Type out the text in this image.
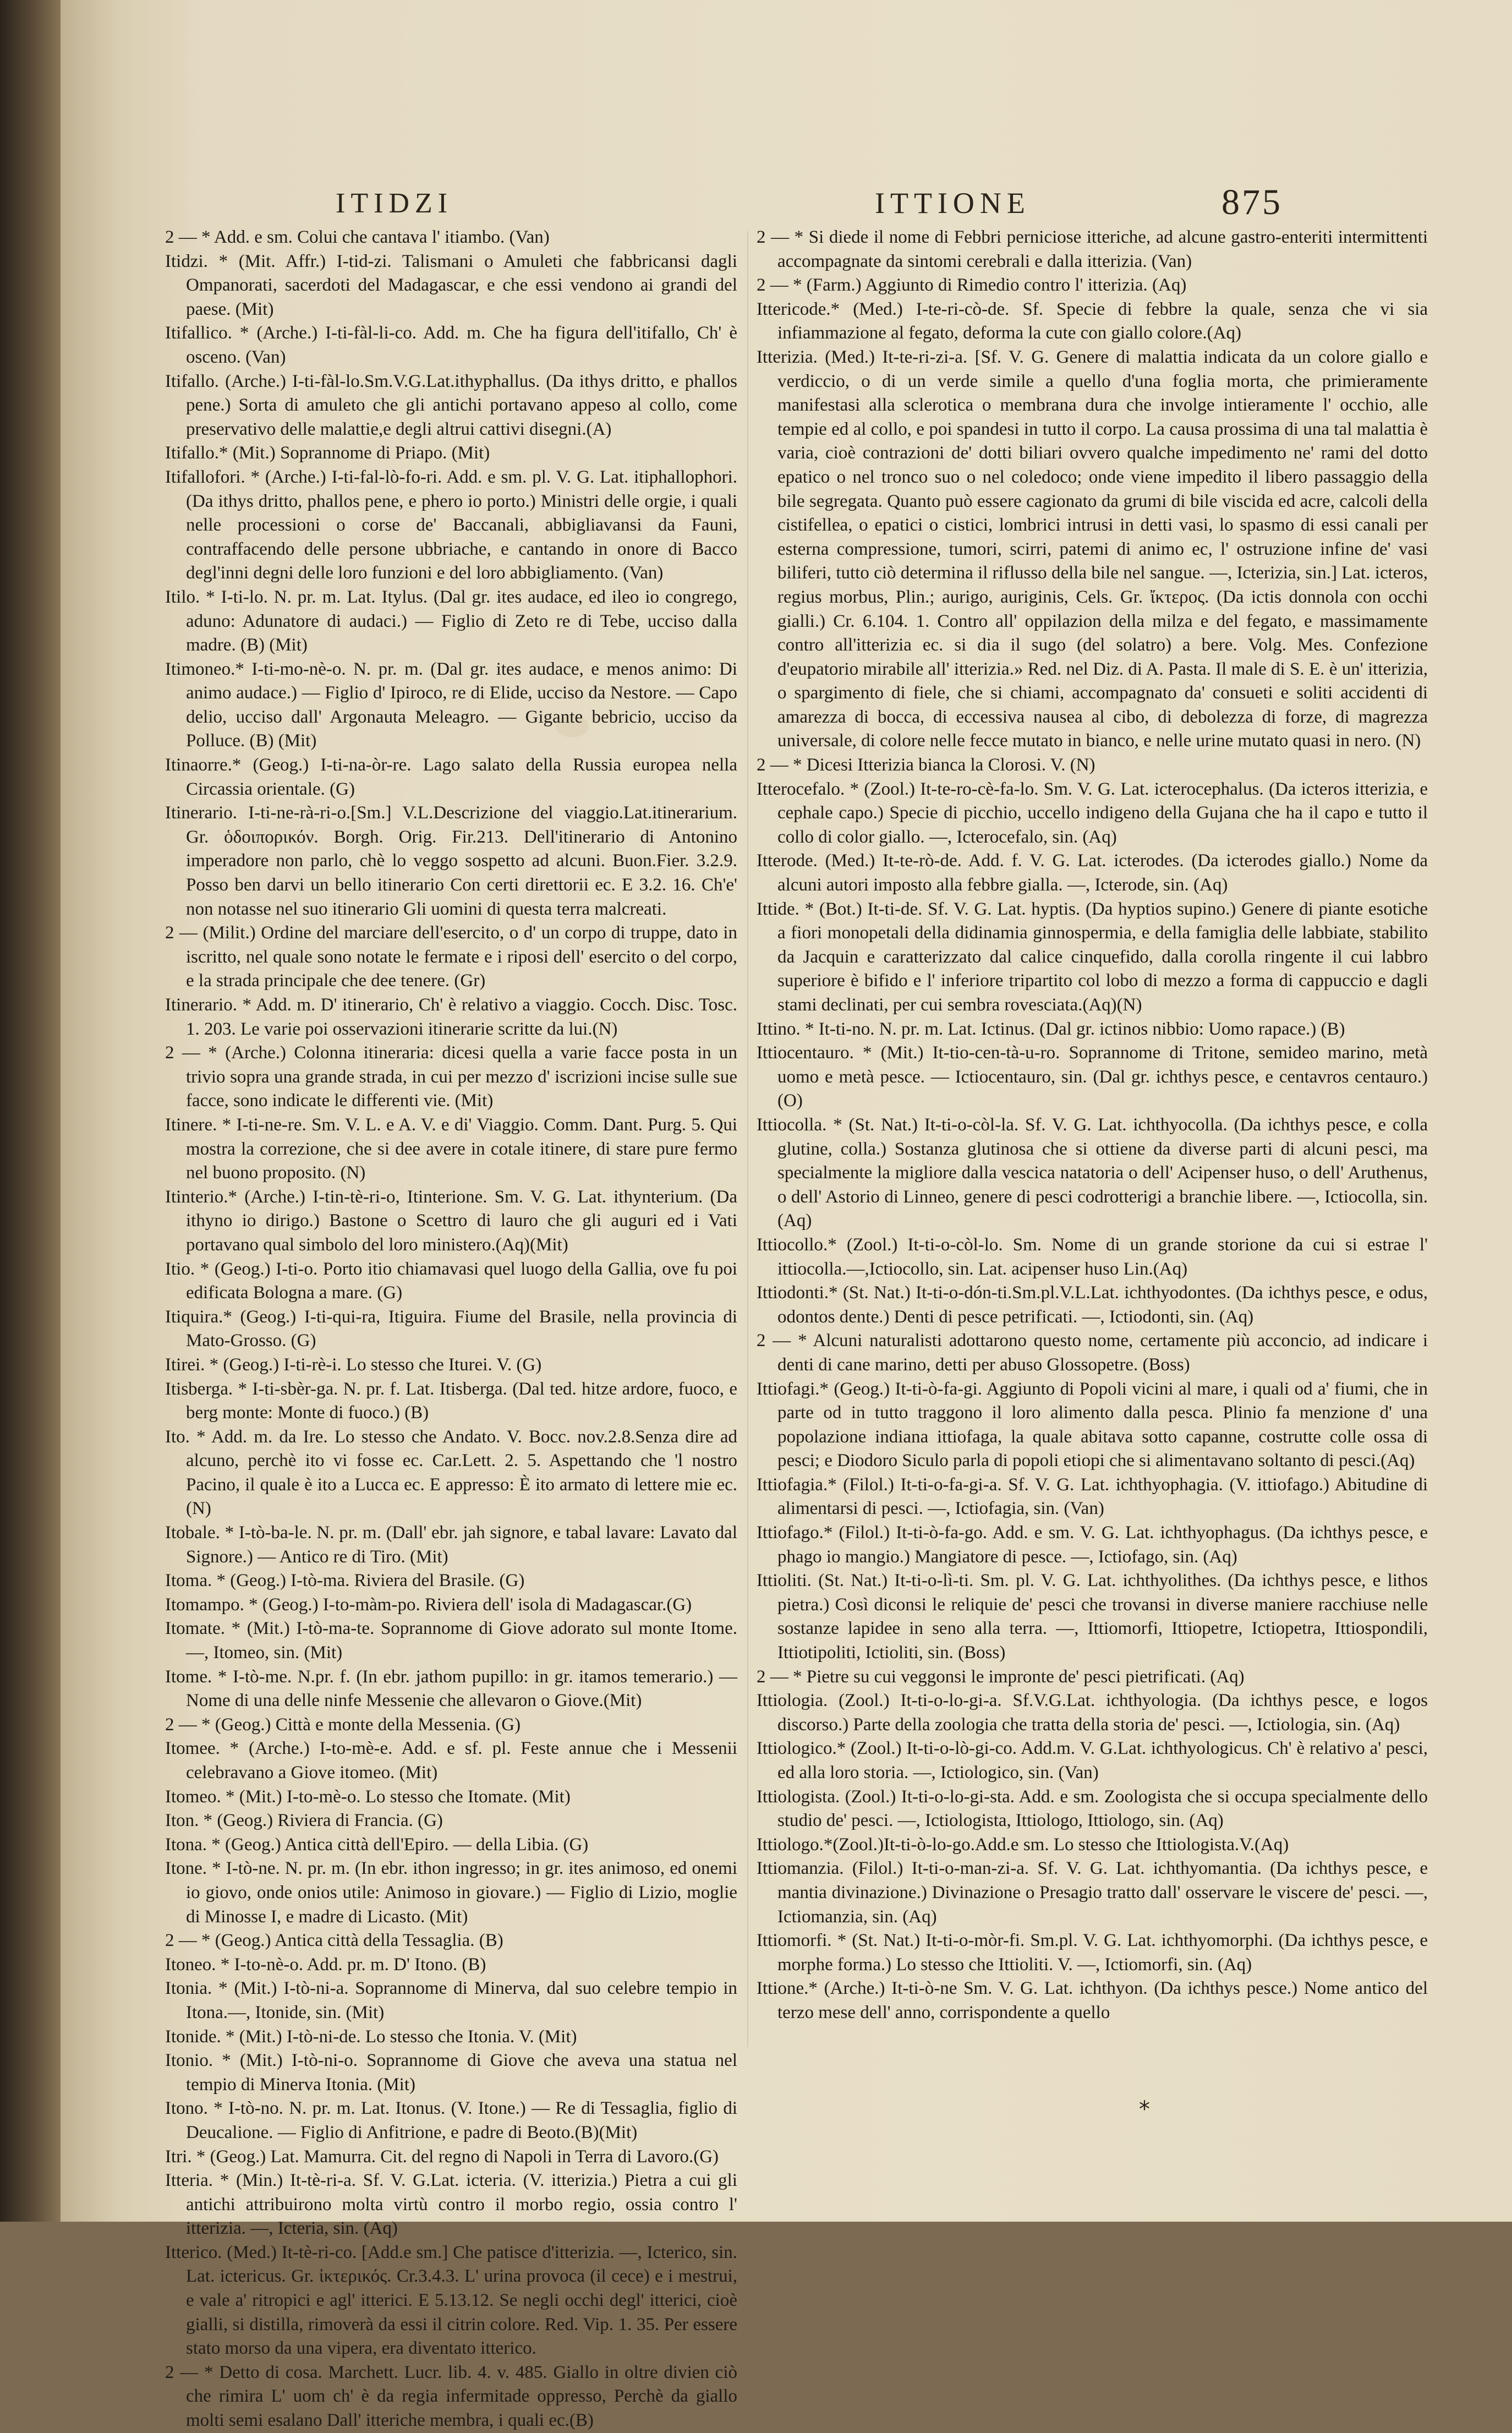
ITIDZI	ITTIONE	875
2 — * Add. e sm. Colui che cantava l' itiambo. (Van)
Itidzi. * (Mit. Affr.) I-tid-zi. Talismani o Amuleti che fabbricansi dagli Ompanorati, sacerdoti del Madagascar, e che essi vendono ai grandi del paese. (Mit)
Itifallico. * (Arche.) I-ti-fàl-li-co. Add. m. Che ha figura dell'itifallo, Ch' è osceno. (Van)
Itifallo. (Arche.) I-ti-fàl-lo.Sm.V.G.Lat.ithyphallus. (Da ithys dritto, e phallos pene.) Sorta di amuleto che gli antichi portavano appeso al collo, come preservativo delle malattie,e degli altrui cattivi disegni.(A)
Itifallo.* (Mit.) Soprannome di Priapo. (Mit)
Itifallofori. * (Arche.) I-ti-fal-lò-fo-ri. Add. e sm. pl. V. G. Lat. itiphallophori. (Da ithys dritto, phallos pene, e phero io porto.) Ministri delle orgie, i quali nelle processioni o corse de' Baccanali, abbigliavansi da Fauni, contraffacendo delle persone ubbriache, e cantando in onore di Bacco degl'inni degni delle loro funzioni e del loro abbigliamento. (Van)
Itilo. * I-ti-lo. N. pr. m. Lat. Itylus. (Dal gr. ites audace, ed ileo io congrego, aduno: Adunatore di audaci.) — Figlio di Zeto re di Tebe, ucciso dalla madre. (B) (Mit)
Itimoneo.* I-ti-mo-nè-o. N. pr. m. (Dal gr. ites audace, e menos animo: Di animo audace.) — Figlio d' Ipiroco, re di Elide, ucciso da Nestore. — Capo delio, ucciso dall' Argonauta Meleagro. — Gigante bebricio, ucciso da Polluce. (B) (Mit)
Itinaorre.* (Geog.) I-ti-na-òr-re. Lago salato della Russia europea nella Circassia orientale. (G)
Itinerario. I-ti-ne-rà-ri-o.[Sm.] V.L.Descrizione del viaggio.Lat.itinerarium. Gr. ὁδοιπορικόν. Borgh. Orig. Fir.213. Dell'itinerario di Antonino imperadore non parlo, chè lo veggo sospetto ad alcuni. Buon.Fier. 3.2.9. Posso ben darvi un bello itinerario Con certi direttorii ec. E 3.2. 16. Ch'e' non notasse nel suo itinerario Gli uomini di questa terra malcreati.
2 — (Milit.) Ordine del marciare dell'esercito, o d' un corpo di truppe, dato in iscritto, nel quale sono notate le fermate e i riposi dell' esercito o del corpo, e la strada principale che dee tenere. (Gr)
Itinerario. * Add. m. D' itinerario, Ch' è relativo a viaggio. Cocch. Disc. Tosc. 1. 203. Le varie poi osservazioni itinerarie scritte da lui.(N)
2 — * (Arche.) Colonna itineraria: dicesi quella a varie facce posta in un trivio sopra una grande strada, in cui per mezzo d' iscrizioni incise sulle sue facce, sono indicate le differenti vie. (Mit)
Itinere. * I-ti-ne-re. Sm. V. L. e A. V. e di' Viaggio. Comm. Dant. Purg. 5. Qui mostra la correzione, che si dee avere in cotale itinere, di stare pure fermo nel buono proposito. (N)
Itinterio.* (Arche.) I-tin-tè-ri-o, Itinterione. Sm. V. G. Lat. ithynterium. (Da ithyno io dirigo.) Bastone o Scettro di lauro che gli auguri ed i Vati portavano qual simbolo del loro ministero.(Aq)(Mit)
Itio. * (Geog.) I-ti-o. Porto itio chiamavasi quel luogo della Gallia, ove fu poi edificata Bologna a mare. (G)
Itiquira.* (Geog.) I-ti-qui-ra, Itiguira. Fiume del Brasile, nella provincia di Mato-Grosso. (G)
Itirei. * (Geog.) I-ti-rè-i. Lo stesso che Iturei. V. (G)
Itisberga. * I-ti-sbèr-ga. N. pr. f. Lat. Itisberga. (Dal ted. hitze ardore, fuoco, e berg monte: Monte di fuoco.) (B)
Ito. * Add. m. da Ire. Lo stesso che Andato. V. Bocc. nov.2.8.Senza dire ad alcuno, perchè ito vi fosse ec. Car.Lett. 2. 5. Aspettando che 'l nostro Pacino, il quale è ito a Lucca ec. E appresso: È ito armato di lettere mie ec. (N)
Itobale. * I-tò-ba-le. N. pr. m. (Dall' ebr. jah signore, e tabal lavare: Lavato dal Signore.) — Antico re di Tiro. (Mit)
Itoma. * (Geog.) I-tò-ma. Riviera del Brasile. (G)
Itomampo. * (Geog.) I-to-màm-po. Riviera dell' isola di Madagascar.(G)
Itomate. * (Mit.) I-tò-ma-te. Soprannome di Giove adorato sul monte Itome. —, Itomeo, sin. (Mit)
Itome. * I-tò-me. N.pr. f. (In ebr. jathom pupillo: in gr. itamos temerario.) — Nome di una delle ninfe Messenie che allevaron o Giove.(Mit)
2 — * (Geog.) Città e monte della Messenia. (G)
Itomee. * (Arche.) I-to-mè-e. Add. e sf. pl. Feste annue che i Messenii celebravano a Giove itomeo. (Mit)
Itomeo. * (Mit.) I-to-mè-o. Lo stesso che Itomate. (Mit)
Iton. * (Geog.) Riviera di Francia. (G)
Itona. * (Geog.) Antica città dell'Epiro. — della Libia. (G)
Itone. * I-tò-ne. N. pr. m. (In ebr. ithon ingresso; in gr. ites animoso, ed onemi io giovo, onde onios utile: Animoso in giovare.) — Figlio di Lizio, moglie di Minosse I, e madre di Licasto. (Mit)
2 — * (Geog.) Antica città della Tessaglia. (B)
Itoneo. * I-to-nè-o. Add. pr. m. D' Itono. (B)
Itonia. * (Mit.) I-tò-ni-a. Soprannome di Minerva, dal suo celebre tempio in Itona.—, Itonide, sin. (Mit)
Itonide. * (Mit.) I-tò-ni-de. Lo stesso che Itonia. V. (Mit)
Itonio. * (Mit.) I-tò-ni-o. Soprannome di Giove che aveva una statua nel tempio di Minerva Itonia. (Mit)
Itono. * I-tò-no. N. pr. m. Lat. Itonus. (V. Itone.) — Re di Tessaglia, figlio di Deucalione. — Figlio di Anfitrione, e padre di Beoto.(B)(Mit)
Itri. * (Geog.) Lat. Mamurra. Cit. del regno di Napoli in Terra di Lavoro.(G)
Itteria. * (Min.) It-tè-ri-a. Sf. V. G.Lat. icteria. (V. itterizia.) Pietra a cui gli antichi attribuirono molta virtù contro il morbo regio, ossia contro l' itterizia. —, Icteria, sin. (Aq)
Itterico. (Med.) It-tè-ri-co. [Add.e sm.] Che patisce d'itterizia. —, Icterico, sin. Lat. ictericus. Gr. ἰκτερικός. Cr.3.4.3. L' urina provoca (il cece) e i mestrui, e vale a' ritropici e agl' itterici. E 5.13.12. Se negli occhi degl' itterici, cioè gialli, si distilla, rimoverà da essi il citrin colore. Red. Vip. 1. 35. Per essere stato morso da una vipera, era diventato itterico.
2 — * Detto di cosa. Marchett. Lucr. lib. 4. v. 485. Giallo in oltre divien ciò che rimira L' uom ch' è da regia infermitade oppresso, Perchè da giallo molti semi esalano Dall' itteriche membra, i quali ec.(B)
2 — * Si diede il nome di Febbri perniciose itteriche, ad alcune gastro-enteriti intermittenti accompagnate da sintomi cerebrali e dalla itterizia. (Van)
2 — * (Farm.) Aggiunto di Rimedio contro l' itterizia. (Aq)
Ittericode.* (Med.) I-te-ri-cò-de. Sf. Specie di febbre la quale, senza che vi sia infiammazione al fegato, deforma la cute con giallo colore.(Aq)
Itterizia. (Med.) It-te-ri-zi-a. [Sf. V. G. Genere di malattia indicata da un colore giallo e verdiccio, o di un verde simile a quello d'una foglia morta, che primieramente manifestasi alla sclerotica o membrana dura che involge intieramente l' occhio, alle tempie ed al collo, e poi spandesi in tutto il corpo. La causa prossima di una tal malattia è varia, cioè contrazioni de' dotti biliari ovvero qualche impedimento ne' rami del dotto epatico o nel tronco suo o nel coledoco; onde viene impedito il libero passaggio della bile segregata. Quanto può essere cagionato da grumi di bile viscida ed acre, calcoli della cistifellea, o epatici o cistici, lombrici intrusi in detti vasi, lo spasmo di essi canali per esterna compressione, tumori, scirri, patemi di animo ec, l' ostruzione infine de' vasi biliferi, tutto ciò determina il riflusso della bile nel sangue. —, Icterizia, sin.] Lat. icteros, regius morbus, Plin.; aurigo, auriginis, Cels. Gr. ἴκτερος. (Da ictis donnola con occhi gialli.) Cr. 6.104. 1. Contro all' oppilazion della milza e del fegato, e massimamente contro all'itterizia ec. si dia il sugo (del solatro) a bere. Volg. Mes. Confezione d'eupatorio mirabile all' itterizia.» Red. nel Diz. di A. Pasta. Il male di S. E. è un' itterizia, o spargimento di fiele, che si chiami, accompagnato da' consueti e soliti accidenti di amarezza di bocca, di eccessiva nausea al cibo, di debolezza di forze, di magrezza universale, di colore nelle fecce mutato in bianco, e nelle urine mutato quasi in nero. (N)
2 — * Dicesi Itterizia bianca la Clorosi. V. (N)
Itterocefalo. * (Zool.) It-te-ro-cè-fa-lo. Sm. V. G. Lat. icterocephalus. (Da icteros itterizia, e cephale capo.) Specie di picchio, uccello indigeno della Gujana che ha il capo e tutto il collo di color giallo. —, Icterocefalo, sin. (Aq)
Itterode. (Med.) It-te-rò-de. Add. f. V. G. Lat. icterodes. (Da icterodes giallo.) Nome da alcuni autori imposto alla febbre gialla. —, Icterode, sin. (Aq)
Ittide. * (Bot.) It-ti-de. Sf. V. G. Lat. hyptis. (Da hyptios supino.) Genere di piante esotiche a fiori monopetali della didinamia ginnospermia, e della famiglia delle labbiate, stabilito da Jacquin e caratterizzato dal calice cinquefido, dalla corolla ringente il cui labbro superiore è bifido e l' inferiore tripartito col lobo di mezzo a forma di cappuccio e dagli stami declinati, per cui sembra rovesciata.(Aq)(N)
Ittino. * It-ti-no. N. pr. m. Lat. Ictinus. (Dal gr. ictinos nibbio: Uomo rapace.) (B)
Ittiocentauro. * (Mit.) It-tio-cen-tà-u-ro. Soprannome di Tritone, semideo marino, metà uomo e metà pesce. — Ictiocentauro, sin. (Dal gr. ichthys pesce, e centavros centauro.) (O)
Ittiocolla. * (St. Nat.) It-ti-o-còl-la. Sf. V. G. Lat. ichthyocolla. (Da ichthys pesce, e colla glutine, colla.) Sostanza glutinosa che si ottiene da diverse parti di alcuni pesci, ma specialmente la migliore dalla vescica natatoria o dell' Acipenser huso, o dell' Aruthenus, o dell' Astorio di Linneo, genere di pesci codrotterigi a branchie libere. —, Ictiocolla, sin. (Aq)
Ittiocollo.* (Zool.) It-ti-o-còl-lo. Sm. Nome di un grande storione da cui si estrae l' ittiocolla.—,Ictiocollo, sin. Lat. acipenser huso Lin.(Aq)
Ittiodonti.* (St. Nat.) It-ti-o-dón-ti.Sm.pl.V.L.Lat. ichthyodontes. (Da ichthys pesce, e odus, odontos dente.) Denti di pesce petrificati. —, Ictiodonti, sin. (Aq)
2 — * Alcuni naturalisti adottarono questo nome, certamente più acconcio, ad indicare i denti di cane marino, detti per abuso Glossopetre. (Boss)
Ittiofagi.* (Geog.) It-ti-ò-fa-gi. Aggiunto di Popoli vicini al mare, i quali od a' fiumi, che in parte od in tutto traggono il loro alimento dalla pesca. Plinio fa menzione d' una popolazione indiana ittiofaga, la quale abitava sotto capanne, costrutte colle ossa di pesci; e Diodoro Siculo parla di popoli etiopi che si alimentavano soltanto di pesci.(Aq)
Ittiofagia.* (Filol.) It-ti-o-fa-gi-a. Sf. V. G. Lat. ichthyophagia. (V. ittiofago.) Abitudine di alimentarsi di pesci. —, Ictiofagia, sin. (Van)
Ittiofago.* (Filol.) It-ti-ò-fa-go. Add. e sm. V. G. Lat. ichthyophagus. (Da ichthys pesce, e phago io mangio.) Mangiatore di pesce. —, Ictiofago, sin. (Aq)
Ittioliti. (St. Nat.) It-ti-o-lì-ti. Sm. pl. V. G. Lat. ichthyolithes. (Da ichthys pesce, e lithos pietra.) Così diconsi le reliquie de' pesci che trovansi in diverse maniere racchiuse nelle sostanze lapidee in seno alla terra. —, Ittiomorfi, Ittiopetre, Ictiopetra, Ittiospondili, Ittiotipoliti, Ictioliti, sin. (Boss)
2 — * Pietre su cui veggonsi le impronte de' pesci pietrificati. (Aq)
Ittiologia. (Zool.) It-ti-o-lo-gi-a. Sf.V.G.Lat. ichthyologia. (Da ichthys pesce, e logos discorso.) Parte della zoologia che tratta della storia de' pesci. —, Ictiologia, sin. (Aq)
Ittiologico.* (Zool.) It-ti-o-lò-gi-co. Add.m. V. G.Lat. ichthyologicus. Ch' è relativo a' pesci, ed alla loro storia. —, Ictiologico, sin. (Van)
Ittiologista. (Zool.) It-ti-o-lo-gi-sta. Add. e sm. Zoologista che si occupa specialmente dello studio de' pesci. —, Ictiologista, Ittiologo, Ittiologo, sin. (Aq)
Ittiologo.*(Zool.)It-ti-ò-lo-go.Add.e sm. Lo stesso che Ittiologista.V.(Aq)
Ittiomanzia. (Filol.) It-ti-o-man-zi-a. Sf. V. G. Lat. ichthyomantia. (Da ichthys pesce, e mantia divinazione.) Divinazione o Presagio tratto dall' osservare le viscere de' pesci. —, Ictiomanzia, sin. (Aq)
Ittiomorfi. * (St. Nat.) It-ti-o-mòr-fi. Sm.pl. V. G. Lat. ichthyomorphi. (Da ichthys pesce, e morphe forma.) Lo stesso che Ittioliti. V. —, Ictiomorfi, sin. (Aq)
Ittione.* (Arche.) It-ti-ò-ne Sm. V. G. Lat. ichthyon. (Da ichthys pesce.) Nome antico del terzo mese dell' anno, corrispondente a quello
*
